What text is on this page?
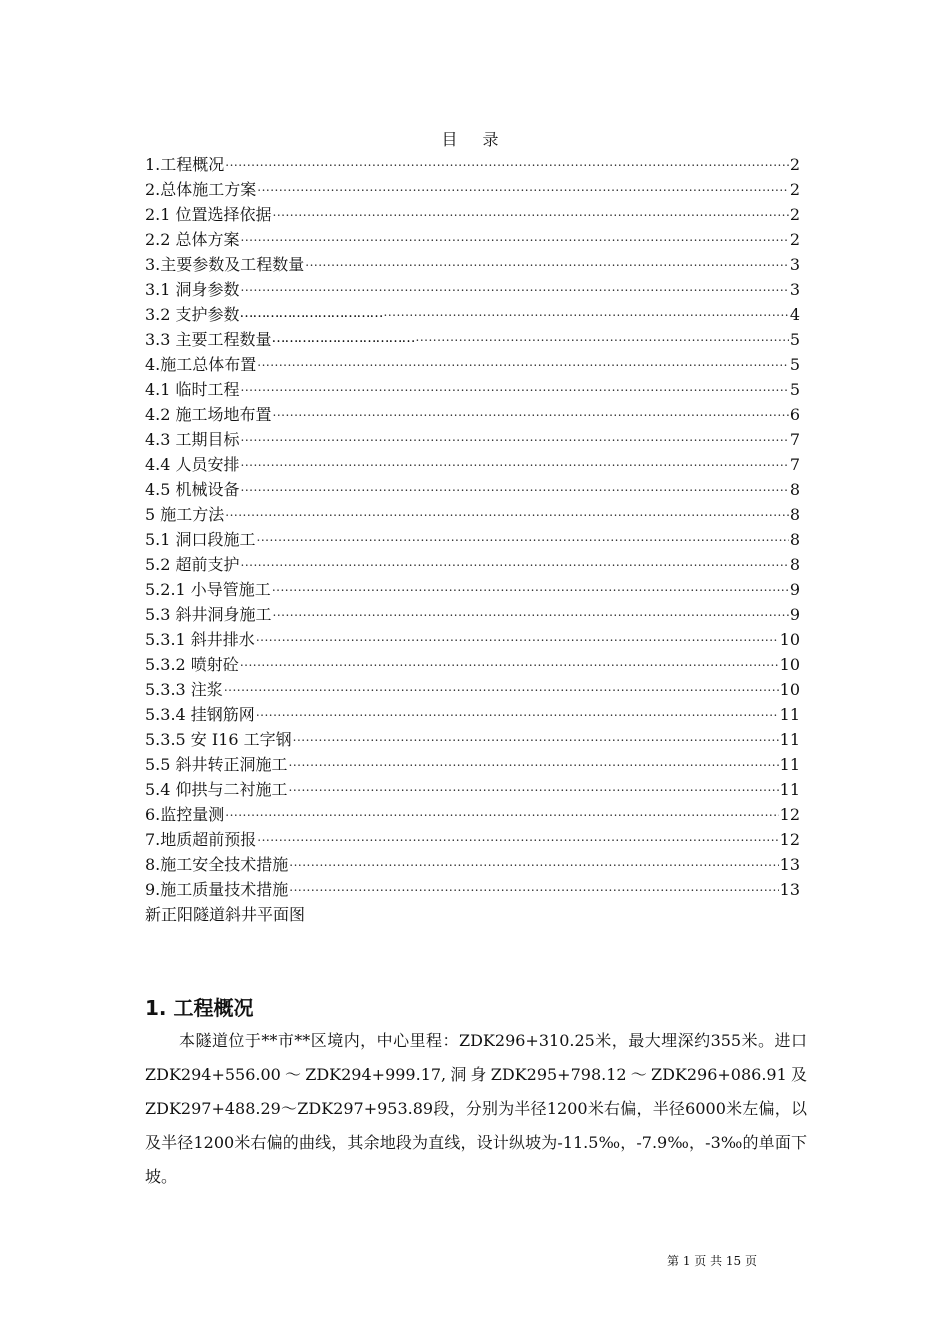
目 录
1.工程概况 .....	2
2.总体施工方案 .....	2
2.1 位置选择依据 .....	2
2.2 总体方案 .....	2
3.主要参数及工程数量 .....	3
3.1 洞身参数 .....	3
3.2 支护参数 …………………………… .....	4
3.3 主要工程数量 …………………………… .....	5
4.施工总体布置 .....	5
4.1 临时工程 .....	5
4.2 施工场地布置 .....	6
4.3 工期目标 .....	7
4.4 人员安排 .....	7
4.5 机械设备 .....	8
5 施工方法 .....	8
5.1 洞口段施工 .....	8
5.2 超前支护 .....	8
5.2.1 小导管施工 .....	9
5.3 斜井洞身施工 .....	9
5.3.1 斜井排水 .....	10
5.3.2 喷射砼 .....	10
5.3.3 注浆 .....	10
5.3.4 挂钢筋网 .....	11
5.3.5 安 I16 工字钢 .....	11
5.5 斜井转正洞施工 .....	11
5.4 仰拱与二衬施工 .....	11
6.监控量测 .....	12
7.地质超前预报 .....	12
8.施工安全技术措施 .....	13
9.施工质量技术措施 .....	13
新正阳隧道斜井平面图
1. 工程概况
本隧道位于**市**区境内，中心里程：ZDK296+310.25米，最大埋深约355米。进口ZDK294+556.00～ZDK294+999.17,洞身ZDK295+798.12～ZDK296+086.91及ZDK297+488.29～ZDK297+953.89段，分别为半径1200米右偏，半径6000米左偏，以及半径1200米右偏的曲线，其余地段为直线，设计纵坡为-11.5‰，-7.9‰，-3‰的单面下坡。
第 1 页 共 15 页
